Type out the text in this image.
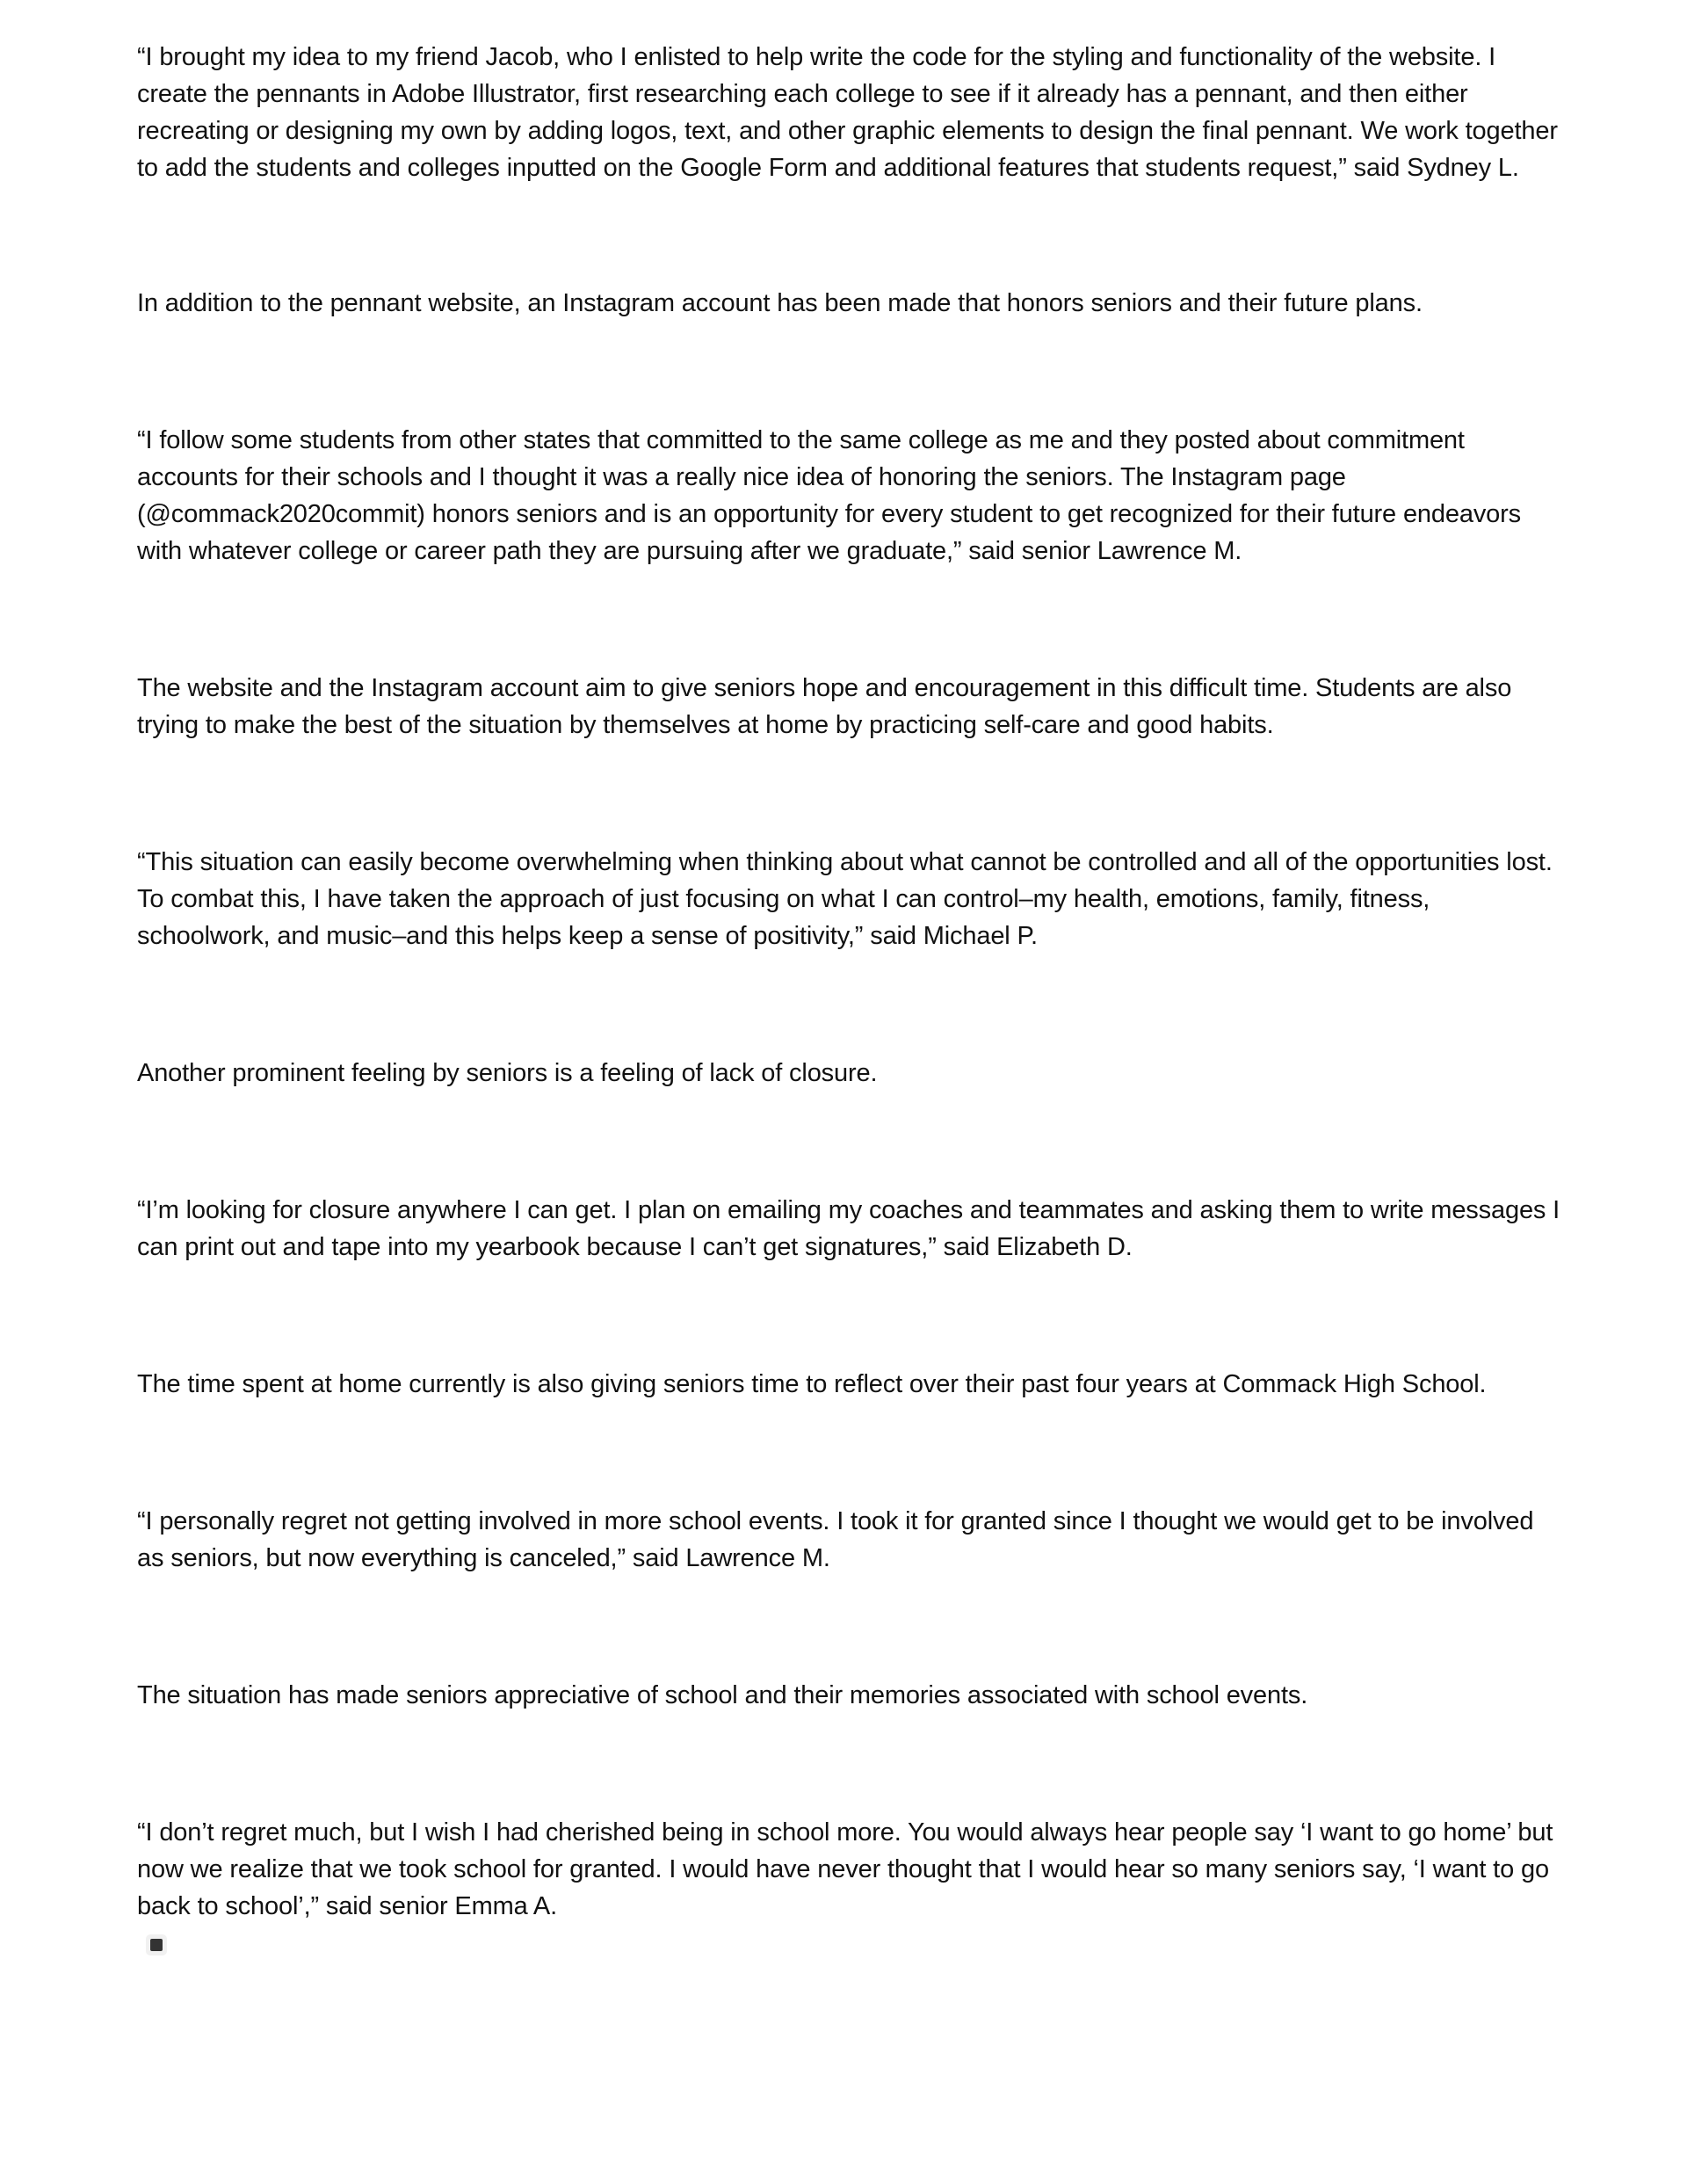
“I brought my idea to my friend Jacob, who I enlisted to help write the code for the styling and functionality of the website. I create the pennants in Adobe Illustrator, first researching each college to see if it already has a pennant, and then either recreating or designing my own by adding logos, text, and other graphic elements to design the final pennant. We work together to add the students and colleges inputted on the Google Form and additional features that students request,” said Sydney L.

In addition to the pennant website, an Instagram account has been made that honors seniors and their future plans.

“I follow some students from other states that committed to the same college as me and they posted about commitment accounts for their schools and I thought it was a really nice idea of honoring the seniors. The Instagram page (@commack2020commit) honors seniors and is an opportunity for every student to get recognized for their future endeavors with whatever college or career path they are pursuing after we graduate,” said senior Lawrence M.

The website and the Instagram account aim to give seniors hope and encouragement in this difficult time. Students are also trying to make the best of the situation by themselves at home by practicing self-care and good habits.

“This situation can easily become overwhelming when thinking about what cannot be controlled and all of the opportunities lost. To combat this, I have taken the approach of just focusing on what I can control–my health, emotions, family, fitness, schoolwork, and music–and this helps keep a sense of positivity,” said Michael P.

Another prominent feeling by seniors is a feeling of lack of closure.

“I’m looking for closure anywhere I can get. I plan on emailing my coaches and teammates and asking them to write messages I can print out and tape into my yearbook because I can’t get signatures,” said Elizabeth D.

The time spent at home currently is also giving seniors time to reflect over their past four years at Commack High School.

“I personally regret not getting involved in more school events. I took it for granted since I thought we would get to be involved as seniors, but now everything is canceled,” said Lawrence M.

The situation has made seniors appreciative of school and their memories associated with school events.

“I don’t regret much, but I wish I had cherished being in school more. You would always hear people say ‘I want to go home’ but now we realize that we took school for granted. I would have never thought that I would hear so many seniors say, ‘I want to go back to school’,” said senior Emma A.
